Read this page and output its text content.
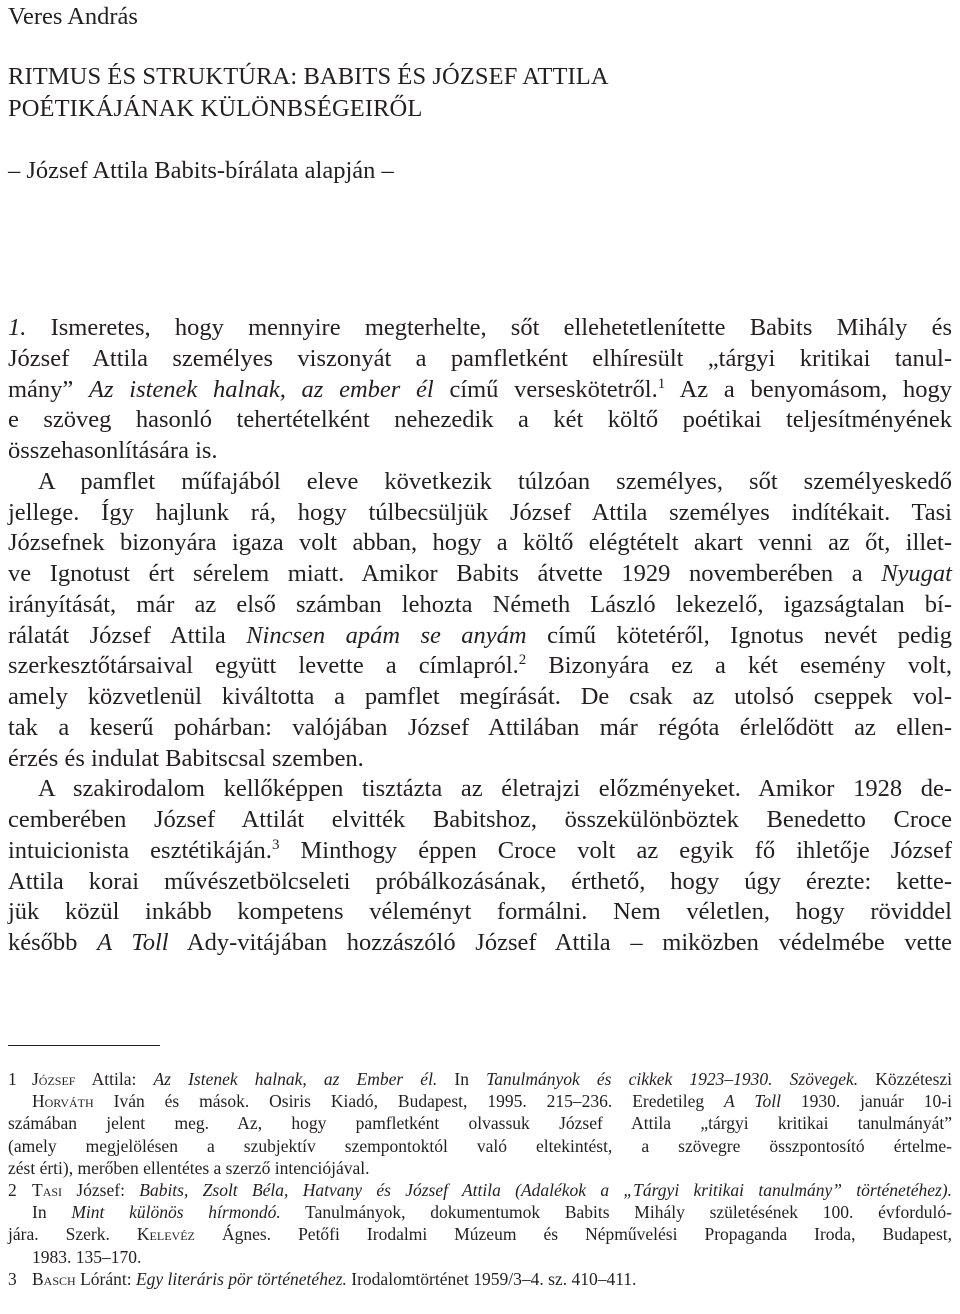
Veres András
RITMUS ÉS STRUKTÚRA: BABITS ÉS JÓZSEF ATTILA
POÉTIKÁJÁNAK KÜLÖNBSÉGEIRŐL
– József Attila Babits-bírálata alapján –

1. Ismeretes, hogy mennyire megterhelte, sőt ellehetetlenítette Babits Mihály és
József Attila személyes viszonyát a pamfletként elhíresült „tárgyi kritikai tanul-
mány” Az istenek halnak, az ember él című verseskötetről.$^1$ Az a benyomásom, hogy
e szöveg hasonló tehertételként nehezedik a két költő poétikai teljesítményének
összehasonlítására is.

A pamflet műfajából eleve következik túlzóan személyes, sőt személyeskedő
jellege. Így hajlunk rá, hogy túlbecsüljük József Attila személyes indítékait. Tasi
Józsefnek bizonyára igaza volt abban, hogy a költő elégtételt akart venni az őt, illet-
ve Ignotust ért sérelem miatt. Amikor Babits átvette 1929 novemberében a Nyugat
irányítását, már az első számban lehozta Németh László lekezelő, igazságtalan bí-
rálatát József Attila Nincsen apám se anyám című kötetéről, Ignotus nevét pedig
szerkesztőtársaival együtt levette a címlapról.$^2$ Bizonyára ez a két esemény volt,
amely közvetlenül kiváltotta a pamflet megírását. De csak az utolsó cseppek vol-
tak a keserű pohárban: valójában József Attilában már régóta érlelődött az ellen-
érzés és indulat Babitscsal szemben.

A szakirodalom kellőképpen tisztázta az életrajzi előzményeket. Amikor 1928 de-
cemberében József Attilát elvitték Babitshoz, összekülönböztek Benedetto Croce
intuicionista esztétikáján.$^3$ Minthogy éppen Croce volt az egyik fő ihletője József
Attila korai művészetbölcseleti próbálkozásának, érthető, hogy úgy érezte: kette-
jük közül inkább kompetens véleményt formálni. Nem véletlen, hogy röviddel
később A Toll Ady-vitájában hozzászóló József Attila – miközben védelmébe vette

1 József Attila: Az Istenek halnak, az Ember él. In Tanulmányok és cikkek 1923–1930. Szövegek. Közzéteszi
Horváth Iván és mások. Osiris Kiadó, Budapest, 1995. 215–236. Eredetileg A Toll 1930. január 10-i
számában jelent meg. Az, hogy pamfletként olvassuk József Attila „tárgyi kritikai tanulmányát”
(amely megjelölésen a szubjektív szempontoktól való eltekintést, a szövegre összpontosító értelme-
zést érti), merőben ellentétes a szerző intenciójával.
2 Tasi József: Babits, Zsolt Béla, Hatvany és József Attila (Adalékok a „Tárgyi kritikai tanulmány” történetéhez).
In Mint különös hírmondó. Tanulmányok, dokumentumok Babits Mihály születésének 100. évforduló-
jára. Szerk. Kelevéz Ágnes. Petőfi Irodalmi Múzeum és Népművelési Propaganda Iroda, Budapest,
1983. 135–170.
3 Basch Lóránt: Egy literáris pör történetéhez. Irodalomtörténet 1959/3–4. sz. 410–411.
